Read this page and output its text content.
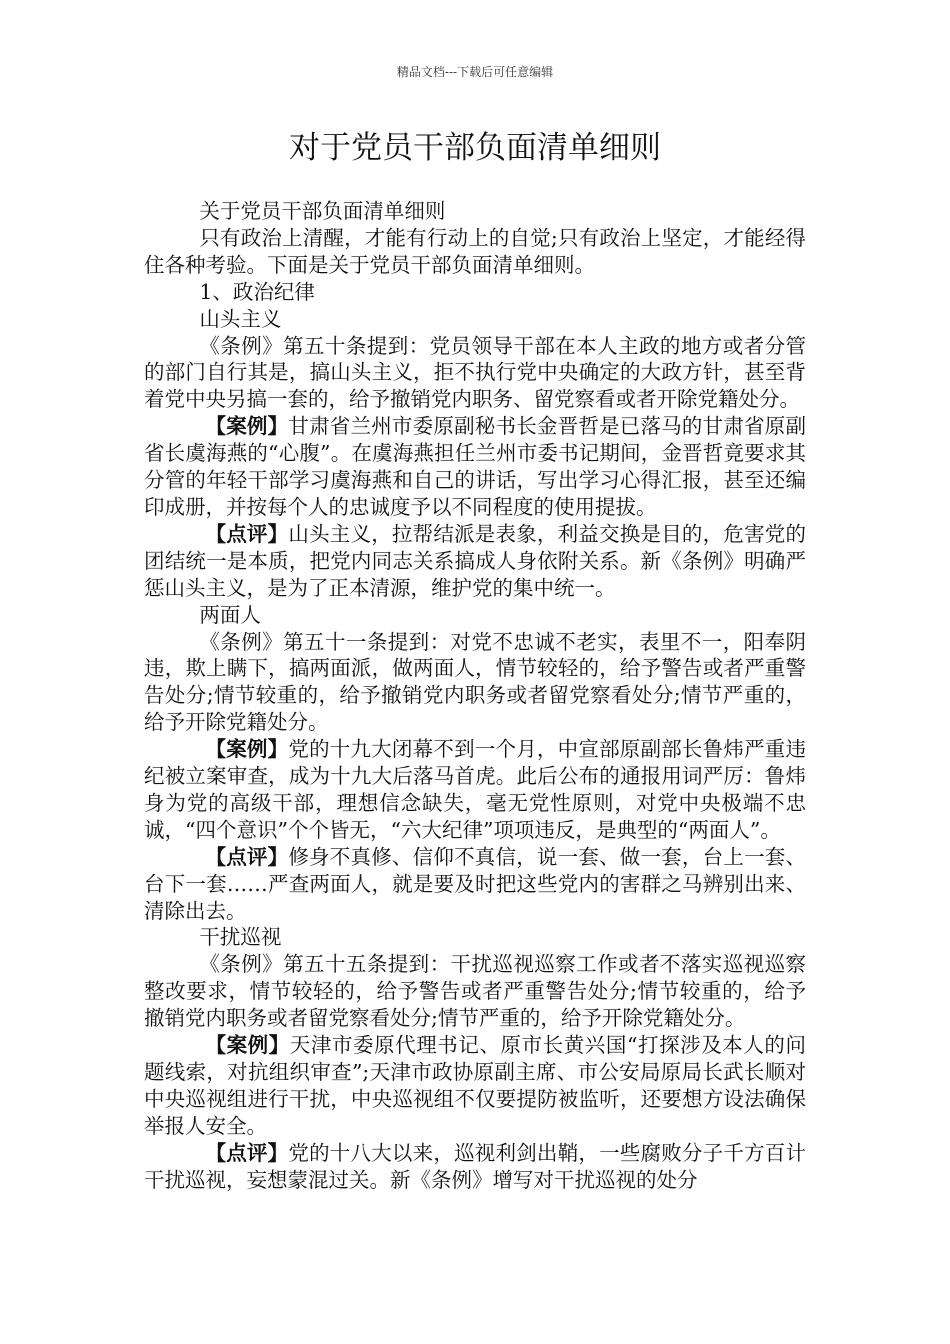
精品文档---下载后可任意编辑
对于党员干部负面清单细则

关于党员干部负面清单细则

只有政治上清醒，才能有行动上的自觉;只有政治上坚定，才能经得住各种考验。下面是关于党员干部负面清单细则。

1、政治纪律

山头主义

《条例》第五十条提到：党员领导干部在本人主政的地方或者分管的部门自行其是，搞山头主义，拒不执行党中央确定的大政方针，甚至背着党中央另搞一套的，给予撤销党内职务、留党察看或者开除党籍处分。

【案例】甘肃省兰州市委原副秘书长金晋哲是已落马的甘肃省原副省长虞海燕的“心腹”。在虞海燕担任兰州市委书记期间，金晋哲竟要求其分管的年轻干部学习虞海燕和自己的讲话，写出学习心得汇报，甚至还编印成册，并按每个人的忠诚度予以不同程度的使用提拔。

【点评】山头主义，拉帮结派是表象，利益交换是目的，危害党的团结统一是本质，把党内同志关系搞成人身依附关系。新《条例》明确严惩山头主义，是为了正本清源，维护党的集中统一。

两面人

《条例》第五十一条提到：对党不忠诚不老实，表里不一，阳奉阴违，欺上瞒下，搞两面派，做两面人，情节较轻的，给予警告或者严重警告处分;情节较重的，给予撤销党内职务或者留党察看处分;情节严重的，给予开除党籍处分。

【案例】党的十九大闭幕不到一个月，中宣部原副部长鲁炜严重违纪被立案审查，成为十九大后落马首虎。此后公布的通报用词严厉：鲁炜身为党的高级干部，理想信念缺失，毫无党性原则，对党中央极端不忠诚，“四个意识”个个皆无，“六大纪律”项项违反，是典型的“两面人”。

【点评】修身不真修、信仰不真信，说一套、做一套，台上一套、台下一套……严查两面人，就是要及时把这些党内的害群之马辨别出来、清除出去。

干扰巡视

《条例》第五十五条提到：干扰巡视巡察工作或者不落实巡视巡察整改要求，情节较轻的，给予警告或者严重警告处分;情节较重的，给予撤销党内职务或者留党察看处分;情节严重的，给予开除党籍处分。

【案例】天津市委原代理书记、原市长黄兴国“打探涉及本人的问题线索，对抗组织审查”;天津市政协原副主席、市公安局原局长武长顺对中央巡视组进行干扰，中央巡视组不仅要提防被监听，还要想方设法确保举报人安全。

【点评】党的十八大以来，巡视利剑出鞘，一些腐败分子千方百计干扰巡视，妄想蒙混过关。新《条例》增写对干扰巡视的处分
